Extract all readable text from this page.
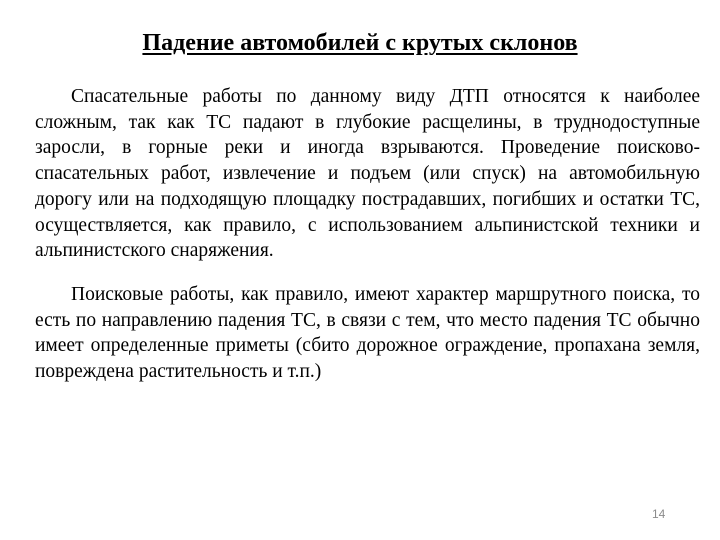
Падение автомобилей с крутых склонов

Спасательные работы по данному виду ДТП относятся к наиболее сложным, так как ТС падают в глубокие расщелины, в труднодоступные заросли, в горные реки и иногда взрываются. Проведение поисково-спасательных работ, извлечение и подъем (или спуск) на автомобильную дорогу или на подходящую площадку пострадавших, погибших и остатки ТС, осуществляется, как правило, с использованием альпинистской техники и альпинистского снаряжения.

Поисковые работы, как правило, имеют характер маршрутного поиска, то есть по направлению падения ТС, в связи с тем, что место падения ТС обычно имеет определенные приметы (сбито дорожное ограждение, пропахана земля, повреждена растительность и т.п.)

14
